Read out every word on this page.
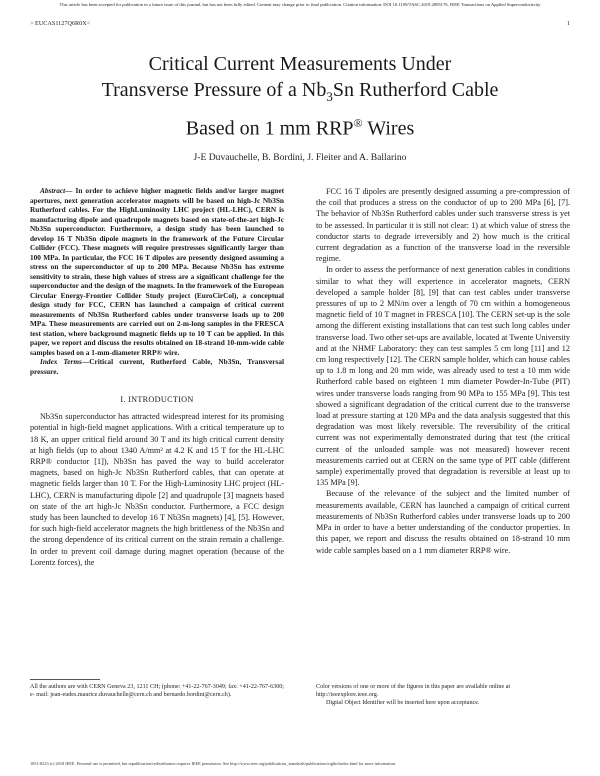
This article has been accepted for publication in a future issue of this journal, but has not been fully edited. Content may change prior to final publication. Citation information: DOI 10.1109/TASC.2019.2895176, IEEE Transactions on Applied Superconductivity
> EUCAS1127Q6R0X<	1
Critical Current Measurements Under
Transverse Pressure of a $Nb_3Sn$ Rutherford Cable
Based on 1 mm RRP® Wires
J-E Duvauchelle, B. Bordini, J. Fleiter and A. Ballarino

Abstract— In order to achieve higher magnetic fields and/or larger magnet apertures, next generation accelerator magnets will be based on high-Jc Nb3Sn Rutherford cables. For the HighLuminosity LHC project (HL-LHC), CERN is manufacturing dipole and quadrupole magnets based on state-of-the-art high-Jc Nb3Sn superconductor. Furthermore, a design study has been launched to develop 16 T Nb3Sn dipole magnets in the framework of the Future Circular Collider (FCC). These magnets will require prestresses significantly larger than 100 MPa. In particular, the FCC 16 T dipoles are presently designed assuming a stress on the superconductor of up to 200 MPa. Because Nb3Sn has extreme sensitivity to strain, these high values of stress are a significant challenge for the superconductor and the design of the magnets. In the framework of the European Circular Energy-Frontier Collider Study project (EuroCirCol), a conceptual design study for FCC, CERN has launched a campaign of critical current measurements of Nb3Sn Rutherford cables under transverse loads up to 200 MPa. These measurements are carried out on 2-m-long samples in the FRESCA test station, where background magnetic fields up to 10 T can be applied. In this paper, we report and discuss the results obtained on 18-strand 10-mm-wide cable samples based on a 1-mm-diameter RRP® wire.

Index Terms—Critical current, Rutherford Cable, Nb3Sn, Transversal pressure.

I. INTRODUCTION

Nb3Sn superconductor has attracted widespread interest for its promising potential in high-field magnet applications. With a critical temperature up to 18 K, an upper critical field around 30 T and its high critical current density at high fields (up to about 1340 A/mm² at 4.2 K and 15 T for the HL-LHC RRP® conductor [1]), Nb3Sn has paved the way to build accelerator magnets, based on high-Jc Nb3Sn Rutherford cables, that can operate at magnetic fields larger than 10 T. For the High-Luminosity LHC project (HL-LHC), CERN is manufacturing dipole [2] and quadrupole [3] magnets based on state of the art high-Jc Nb3Sn conductor. Furthermore, a FCC design study has been launched to develop 16 T Nb3Sn magnets) [4], [5]. However, for such high-field accelerator magnets the high brittleness of the Nb3Sn and the strong dependence of its critical current on the strain remain a challenge. In order to prevent coil damage during magnet operation (because of the Lorentz forces), the

FCC 16 T dipoles are presently designed assuming a pre-compression of the coil that produces a stress on the conductor of up to 200 MPa [6], [7]. The behavior of Nb3Sn Rutherford cables under such transverse stress is yet to be assessed. In particular it is still not clear: 1) at which value of stress the conductor starts to degrade irreversibly and 2) how much is the critical current degradation as a function of the transverse load in the reversible regime.

In order to assess the performance of next generation cables in conditions similar to what they will experience in accelerator magnets, CERN developed a sample holder [8], [9] that can test cables under transverse pressures of up to 2 MN/m over a length of 70 cm within a homogeneous magnetic field of 10 T magnet in FRESCA [10]. The CERN set-up is the sole among the different existing installations that can test such long cables under transverse load. Two other set-ups are available, located at Twente University and at the NHMF Laboratory: they can test samples 5 cm long [11] and 12 cm long respectively [12]. The CERN sample holder, which can house cables up to 1.8 m long and 20 mm wide, was already used to test a 10 mm wide Rutherford cable based on eighteen 1 mm diameter Powder-In-Tube (PIT) wires under transverse loads ranging from 90 MPa to 155 MPa [9]. This test showed a significant degradation of the critical current due to the transverse load at pressure starting at 120 MPa and the data analysis suggested that this degradation was most likely reversible. The reversibility of the critical current was not experimentally demonstrated during that test (the critical current of the unloaded sample was not measured) however recent measurements carried out at CERN on the same type of PIT cable (different sample) experimentally proved that degradation is reversible at least up to 135 MPa [9].

Because of the relevance of the subject and the limited number of measurements available, CERN has launched a campaign of critical current measurements of Nb3Sn Rutherford cables under transverse loads up to 200 MPa in order to have a better understanding of the conductor properties. In this paper, we report and discuss the results obtained on 18-strand 10 mm wide cable samples based on a 1 mm diameter RRP® wire.

All the authors are with CERN Geneva 23, 1211 CH; (phone: +41-22-767-3049; fax: +41-22-767-6300; e- mail: jean-eudes.maurice.duvauchelle@cern.ch and bernardo.bordini@cern.ch).

Color versions of one or more of the figures in this paper are available online at http://ieeexplore.ieee.org.

Digital Object Identifier will be inserted here upon acceptance.

1051-8223 (c) 2018 IEEE. Personal use is permitted, but republication/redistribution requires IEEE permission. See http://www.ieee.org/publications_standards/publications/rights/index.html for more information.
